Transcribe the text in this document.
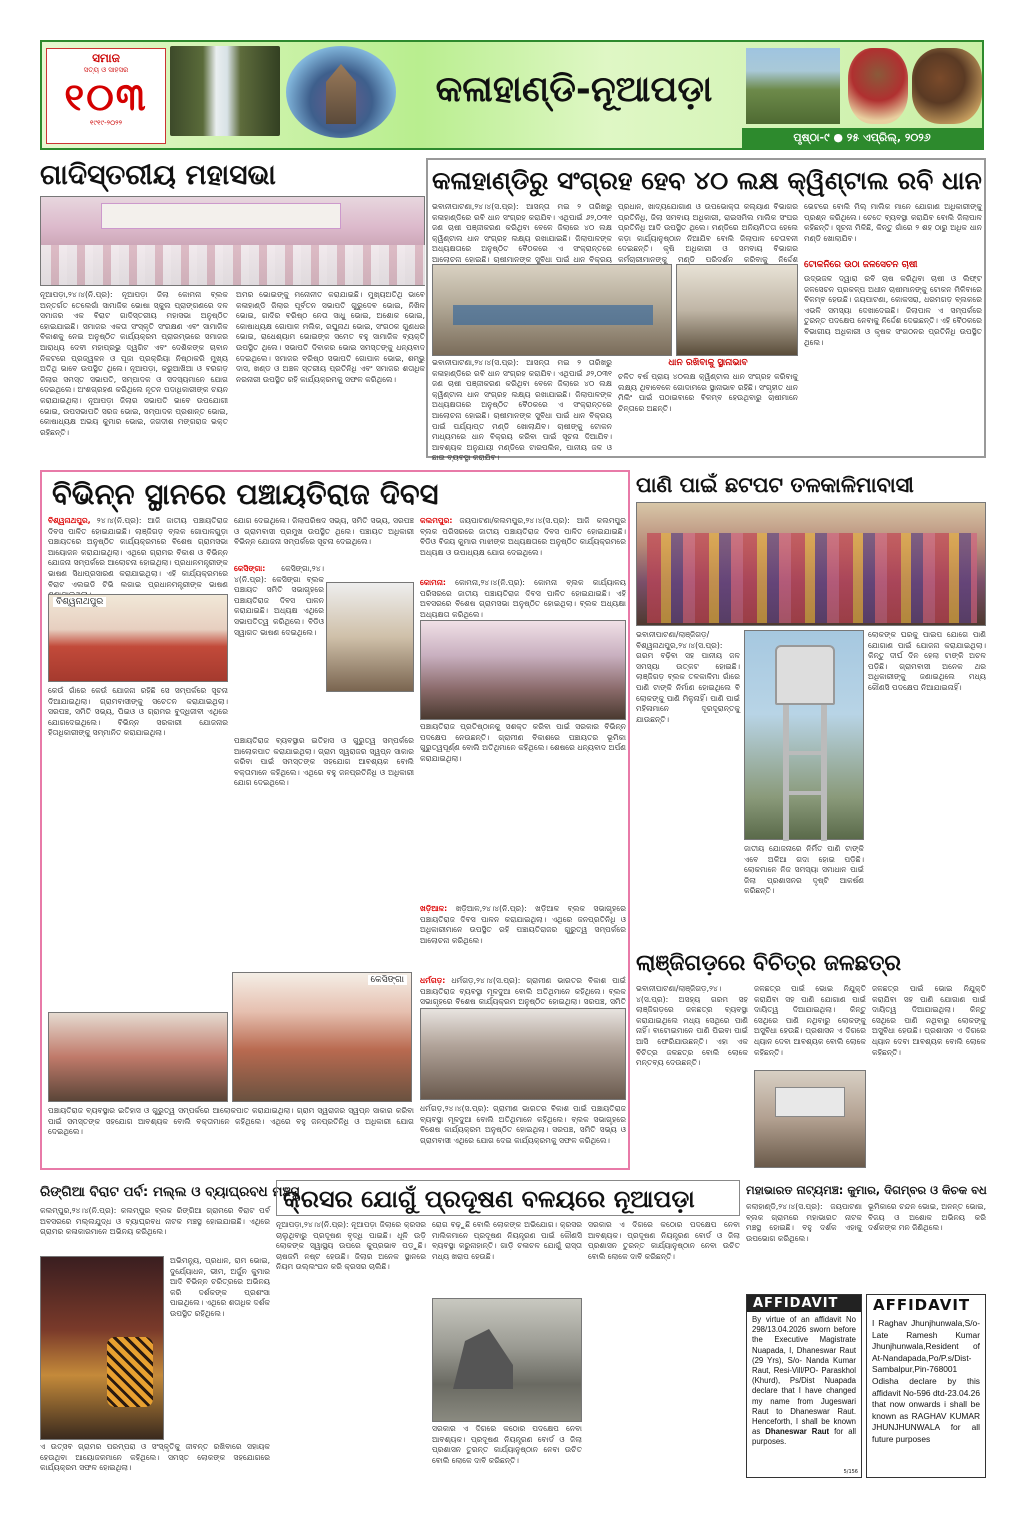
ସମାଜ
ସତ୍ୟ ଓ ସାହସର
୧୦୩
୧୯୧୯-୨୦୨୨
କଳାହାଣ୍ଡି-ନୂଆପଡ଼ା
ପୃଷ୍ଠା-୯ ● ୨୫ ଏପ୍ରିଲ୍, ୨୦୨୬
ଗାଦିସ୍ତରୀୟ ମହାସଭା
ନୂଆପଡ଼ା,୨୪।୪(ନି.ପ୍ର): ନୂଆପଡ଼ା ଜିଲା କୋମନା ବ୍ଲକ ଅନ୍ତର୍ଗତ ତେଲେଗାଁ ସାମାଜିକ ଭୋଷା ସ୍କୁଲ ପ୍ରାଙ୍ଗଣରେ ଦଳ ସମାଜର ଏକ ବିରାଟ ଗାଦିସ୍ତରୀୟ ମହାସଭା ଅନୁଷ୍ଠିତ ହୋଇଯାଇଛି। ସମାଜର ଏକତା ସଂସ୍କୃତି ସଂରକ୍ଷଣ ଏବଂ ସାମାଜିକ ବିକାଶକୁ ନେଇ ଅନୁଷ୍ଠିତ କାର୍ଯ୍ୟକ୍ରମ ପ୍ରାରମ୍ଭରେ ସମାଜର ଆରାଧ୍ୟ ଦେବୀ ମହାପ୍ରଭୁ ଦ୍ୱଗିଟ ଏବଂ ଦେଶିକଙ୍କ ଚାବାନ ନିକଟରେ ପ୍ରଜ୍ୱଳନ ଓ ପୂଜା ପ୍ରକ୍ରିୟା ନିଷ୍ଠାକରି ମୁଖ୍ୟ ଅତିଥି ଭାବେ ଉପସ୍ଥିତ ଥିଲେ। ନୂଆପଡ଼ା, କରୁଆଖିଆ ଓ ବରଗଡ଼ ଜିଲାର ସମସ୍ତ ସଭାପତି, ସମ୍ପାଦକ ଓ ସଦସ୍ୟମାନେ ଯୋଗ ଦେଇଥିଲେ। ଅଂଶଗ୍ରହଣ କରିଥିଲେ ନୂତନ ପଦାଧିକାରୀଙ୍କ ଚୟନ କରାଯାଇଥିଲା। ନୂଆପଡ଼ା ଜିଲାର ସଭାପତି ଭାବେ ଉପଯୋଗୀ ଭୋଇ, ଉପସଭାପତି ସରଜ ଭୋଇ, ସମ୍ପାଦକ ପ୍ରଶାନ୍ତ ଭୋଇ, କୋଷାଧ୍ୟକ୍ଷ ଅଭୟ କୁମାର ଭୋଇ, ଜଗଦୀଶ ମଙ୍ଗରାଜ ଭକ୍ତ ରହିଛନ୍ତି।
ଅମର ଭୋଇଙ୍କୁ ମନୋନୀତ କରାଯାଇଛି। ମୁଖ୍ୟଅତିଥି ଭାବେ କଳାହାଣ୍ଡି ଜିଲାର ପୂର୍ବତନ ସଭାପତି ଗୁରୁଦେବ ଭୋଇ, ନିଖିଳ ଭୋଇ, ଗାଦିର ବରିଷ୍ଠ ନେତା ସାଧୁ ଭୋଇ, ଅଶୋକ ଭୋଇ, କୋଷାଧ୍ୟକ୍ଷ ଗୋପାଳ ମଲିକ, ରଘୁନାଥ ଭୋଇ, ସଂଗଠକ ଗୁଣଧର ଭୋଇ, ରାଧେଶ୍ୟାମ ଭୋଇଙ୍କ ସମେତ ବହୁ ସାମାଜିକ ବ୍ୟକ୍ତି ଉପସ୍ଥିତ ଥିଲେ। ସଭାପତି ଦିବାକର ଭୋଇ ସମସ୍ତଙ୍କୁ ଧନ୍ୟବାଦ ଦେଇଥିଲେ। ସମାଜର ବରିଷ୍ଠ ସଭାପତି ଗୋପାଳ ଭୋଇ, ଶମ୍ଭୁ ଦାସ, ଖଣ୍ଡ ଓ ଅଞ୍ଚଳ ସ୍ତରୀୟ ପ୍ରତିନିଧି ଏବଂ ସମାଜର ଶତାଧିକ ନରନାରୀ ଉପସ୍ଥିତ ରହି କାର୍ଯ୍ୟକ୍ରମକୁ ସଫଳ କରିଥିଲେ।
କଳାହାଣ୍ଡିରୁ ସଂଗ୍ରହ ହେବ ୪୦ ଲକ୍ଷ କ୍ୱିଣ୍ଟାଲ ରବି ଧାନ
ଭବାନୀପାଟଣା,୨୪।୪(ସ.ପ୍ର): ଆସନ୍ତା ମଇ ୨ ତାରିଖରୁ କଳାହାଣ୍ଡିରେ ରବି ଧାନ ସଂଗ୍ରହ କରାଯିବ। ଏଥିପାଇଁ ୬୨,୦୩୧ ଜଣ ଚାଷୀ ପଞ୍ଜୀକରଣ କରିଥିବା ବେଳେ ଜିଲାରେ ୪୦ ଲକ୍ଷ କ୍ୱିଣ୍ଟାଲ ଧାନ ସଂଗ୍ରହ ଲକ୍ଷ୍ୟ ରଖାଯାଇଛି। ଜିଲାପାଳଙ୍କ ଅଧ୍ୟକ୍ଷତାରେ ଅନୁଷ୍ଠିତ ବୈଠକରେ ଏ ସଂକ୍ରାନ୍ତରେ ଆଲୋଚନା ହୋଇଛି। ଚାଷୀମାନଙ୍କ ସୁବିଧା ପାଇଁ ଧାନ ବିକ୍ରୟ
ପ୍ରଧାନ, ଖାଦ୍ୟଯୋଗାଣ ଓ ଉପଭୋକ୍ତା କଲ୍ୟାଣ ବିଭାଗର ପ୍ରତିନିଧି, ଜିଲା ସମବାୟ ଅଧିକାରୀ, ରାଇସମିଲ ମାଲିକ ସଂଘର ପ୍ରତିନିଧି ଆଦି ଉପସ୍ଥିତ ଥିଲେ। ମଣ୍ଡିରେ ଅନିୟମିତତା ହେଲେ କଡ଼ା କାର୍ଯ୍ୟାନୁଷ୍ଠାନ ନିଆଯିବ ବୋଲି ଜିଲାପାଳ ଚେତାବନୀ ଦେଇଛନ୍ତି। କୃଷି ଅଧିକାରୀ ଓ ସମବାୟ ବିଭାଗର କର୍ମଚାରୀମାନଙ୍କୁ ମଣ୍ଡି ପରିଦର୍ଶନ କରିବାକୁ ନିର୍ଦ୍ଦେଶ
ଭେଟରେ ବୋଲି ମିଲ୍ ମାଲିକ ମାନେ ଯୋଗାଣ ଅଧିକାରୀଙ୍କୁ ପ୍ରଶ୍ନ କରିଥିଲେ। ଚେତେ ବ୍ୟବସ୍ଥା କରାଯିବ ବୋଲି ଜିଲାପାଳ କହିଛନ୍ତି। ସୂଚନା ମିଳିଛି, କିନ୍ତୁ ଗାଁରେ ୨ ଶହ ଠାରୁ ଅଧିକ ଧାନ ମଣ୍ଡି ଖୋଲାଯିବ।
ଭବାନୀପାଟଣା,୨୪।୪(ସ.ପ୍ର): ଆସନ୍ତା ମଇ ୨ ତାରିଖରୁ କଳାହାଣ୍ଡିରେ ରବି ଧାନ ସଂଗ୍ରହ କରାଯିବ। ଏଥିପାଇଁ ୬୨,୦୩୧ ଜଣ ଚାଷୀ ପଞ୍ଜୀକରଣ କରିଥିବା ବେଳେ ଜିଲାରେ ୪୦ ଲକ୍ଷ କ୍ୱିଣ୍ଟାଲ ଧାନ ସଂଗ୍ରହ ଲକ୍ଷ୍ୟ ରଖାଯାଇଛି। ଜିଲାପାଳଙ୍କ ଅଧ୍ୟକ୍ଷତାରେ ଅନୁଷ୍ଠିତ ବୈଠକରେ ଏ ସଂକ୍ରାନ୍ତରେ ଆଲୋଚନା ହୋଇଛି। ଚାଷୀମାନଙ୍କ ସୁବିଧା ପାଇଁ ଧାନ ବିକ୍ରୟ ପାଇଁ ପର୍ଯ୍ୟାପ୍ତ ମଣ୍ଡି ଖୋଲାଯିବ। ଚାଷୀଙ୍କୁ ଟୋକନ ମାଧ୍ୟମରେ ଧାନ ବିକ୍ରୟ କରିବା ପାଇଁ ସୂଚନା ଦିଆଯିବ। ଆବଶ୍ୟକ ଅନୁଯାୟୀ ମଣ୍ଡିରେ ଟାରପଲିନ, ପାନୀୟ ଜଳ ଓ ଛାଇ ବ୍ୟବସ୍ଥା କରାଯିବ।
ଧାନ ରଖିବାକୁ ସ୍ଥାନାଭାବ
ଚଳିତ ବର୍ଷ ପ୍ରାୟ ୪୦ଲକ୍ଷ କ୍ୱିଣ୍ଟାଲ ଧାନ ସଂଗ୍ରହ କରିବାକୁ ଲକ୍ଷ୍ୟ ଥିବାବେଳେ ଗୋଦାମରେ ସ୍ଥାନାଭାବ ରହିଛି। ସଂଗୃହୀତ ଧାନ ମିଲିଂ ପାଇଁ ପଠାଇବାରେ ବିଳମ୍ବ ହେଉଥିବାରୁ ଚାଷୀମାନେ ଚିନ୍ତାରେ ଅଛନ୍ତି।
ଟୋକନିରେ ଉଠା ଜଳସେଚନ ଚାଷୀ
ଉଦ୍ଭଜଳ ଦ୍ୱାରା ରବି ଚାଷ କରିଥିବା ଚାଷୀ ଓ ଲିଫ୍ଟ ଜଳସେଚନ ପ୍ରକଳ୍ପ ଅଧୀନ ଚାଷୀମାନଙ୍କୁ ଟୋକନ ମିଳିବାରେ ବିଳମ୍ବ ହେଉଛି। ଜୟପାଟଣା, କୋକସରା, ଧରମଗଡ଼ ବ୍ଲକରେ ଏଭଳି ସମସ୍ୟା ଦେଖାଦେଇଛି। ଜିଲାପାଳ ଏ ସମ୍ପର୍କରେ ତୁରନ୍ତ ପଦକ୍ଷେପ ନେବାକୁ ନିର୍ଦ୍ଦେଶ ଦେଇଛନ୍ତି। ଏହି ବୈଠକରେ ବିଭାଗୀୟ ଅଧିକାରୀ ଓ କୃଷକ ସଂଗଠନର ପ୍ରତିନିଧି ଉପସ୍ଥିତ ଥିଲେ।
ବିଭିନ୍ନ ସ୍ଥାନରେ ପଞ୍ଚାୟତିରାଜ ଦିବସ
ବିଶ୍ୱନାଥପୁର, ୨୪।୪(ନି.ପ୍ର): ଆଜି ଜାତୀୟ ପଞ୍ଚାୟତିରାଜ ଦିବସ ପାଳିତ ହୋଇଯାଇଛି। ଲାଞ୍ଜିଗଡ଼ ବ୍ଲକ ଗୋପାଳଗୁଡ଼ା ପଞ୍ଚାୟତରେ ଅନୁଷ୍ଠିତ କାର୍ଯ୍ୟକ୍ରମରେ ବିଶେଷ ଗ୍ରାମସଭା ଆୟୋଜନ କରାଯାଇଥିଲା। ଏଥିରେ ଗ୍ରାମର ବିକାଶ ଓ ବିଭିନ୍ନ ଯୋଜନା ସମ୍ପର୍କରେ ଆଲୋଚନା ହୋଇଥିଲା। ପ୍ରଧାନମନ୍ତ୍ରୀଙ୍କ ଭାଷଣ ସିଧାପ୍ରସାରଣ କରାଯାଇଥିଲା। ଏହି କାର୍ଯ୍ୟକ୍ରମରେ ବିରାଟ ଏଲଇଡି ଟିଭି ଲଗାଇ ପ୍ରଧାନମନ୍ତ୍ରୀଙ୍କ ଭାଷଣ
ବିଶ୍ୱନାଥପୁର
କେଉଁ ଗାଁରେ କେଉଁ ଯୋଜନା ରହିଛି ସେ ସମ୍ପର୍କରେ ସୂଚନା ଦିଆଯାଇଥିଲା। ଗ୍ରାମବାସୀଙ୍କୁ ସଚେତନ କରାଯାଇଥିଲା। ସରପଞ୍ଚ, ସମିତି ସଭ୍ୟ, ପିଇଓ ଓ ଗ୍ରାମର ବୁଦ୍ଧିଜୀବୀ ଏଥିରେ ଯୋଗଦେଇଥିଲେ। ବିଭିନ୍ନ ସରକାରୀ ଯୋଜନାର ହିତାଧିକାରୀଙ୍କୁ ସମ୍ମାନିତ କରାଯାଇଥିଲା।
ଯୋଗ ଦେଇଥିଲେ। ଜିଲାପରିଷଦ ସଭ୍ୟ, ସମିତି ସଭ୍ୟ, ସରପଞ୍ଚ ଓ ଗ୍ରାମବାସୀ ପ୍ରମୁଖ ଉପସ୍ଥିତ ଥିଲେ। ପଞ୍ଚାୟତ ଅଧିକାରୀ ବିଭିନ୍ନ ଯୋଜନା ସମ୍ପର୍କରେ ସୂଚନା ଦେଇଥିଲେ।
କେସିଙ୍ଗା: କେସିଙ୍ଗା,୨୪।୪(ନି.ପ୍ର): କେସିଙ୍ଗା ବ୍ଲକ ପଞ୍ଚାୟତ ସମିତି ସଭାଗୃହରେ ପଞ୍ଚାୟତିରାଜ ଦିବସ ପାଳନ କରାଯାଇଛି। ଅଧ୍ୟକ୍ଷ ଏଥିରେ ସଭାପତିତ୍ୱ କରିଥିଲେ। ବିଡିଓ ସ୍ୱାଗତ ଭାଷଣ ଦେଇଥିଲେ।
ପଞ୍ଚାୟତିରାଜ ବ୍ୟବସ୍ଥାର ଇତିହାସ ଓ ଗୁରୁତ୍ୱ ସମ୍ପର୍କରେ ଆଲୋକପାତ କରାଯାଇଥିଲା। ଗ୍ରାମ ସ୍ୱରାଜର ସ୍ୱପ୍ନ ସାକାର କରିବା ପାଇଁ ସମସ୍ତଙ୍କ ସହଯୋଗ ଆବଶ୍ୟକ ବୋଲି ବକ୍ତାମାନେ କହିଥିଲେ। ଏଥିରେ ବହୁ ଜନପ୍ରତିନିଧି ଓ ଅଧିକାରୀ ଯୋଗ ଦେଇଥିଲେ।
କେସିଙ୍ଗା
ପଞ୍ଚାୟତିରାଜ ବ୍ୟବସ୍ଥାର ଇତିହାସ ଓ ଗୁରୁତ୍ୱ ସମ୍ପର୍କରେ ଆଲୋକପାତ କରାଯାଇଥିଲା। ଗ୍ରାମ ସ୍ୱରାଜର ସ୍ୱପ୍ନ ସାକାର କରିବା ପାଇଁ ସମସ୍ତଙ୍କ ସହଯୋଗ ଆବଶ୍ୟକ ବୋଲି ବକ୍ତାମାନେ କହିଥିଲେ। ଏଥିରେ ବହୁ ଜନପ୍ରତିନିଧି ଓ ଅଧିକାରୀ ଯୋଗ ଦେଇଥିଲେ।
କଲମପୁର: ଜୟପାଟଣା/କଲମପୁର,୨୪।୪(ସ.ପ୍ର): ଆଜି କଲମପୁର ବ୍ଲକ ପରିସରରେ ଜାତୀୟ ପଞ୍ଚାୟତିରାଜ ଦିବସ ପାଳିତ ହୋଇଯାଇଛି। ବିଡିଓ ବିଜୟ କୁମାର ମାଝୀଙ୍କ ଅଧ୍ୟକ୍ଷତାରେ ଅନୁଷ୍ଠିତ କାର୍ଯ୍ୟକ୍ରମରେ ଅଧ୍ୟକ୍ଷ ଓ ଉପାଧ୍ୟକ୍ଷ ଯୋଗ ଦେଇଥିଲେ।
କୋମନା: କୋମନା,୨୪।୪(ନି.ପ୍ର): କୋମନା ବ୍ଲକ କାର୍ଯ୍ୟାଳୟ ପରିସରରେ ଜାତୀୟ ପଞ୍ଚାୟତିରାଜ ଦିବସ ପାଳିତ ହୋଇଯାଇଛି। ଏହି ଅବସରରେ ବିଶେଷ ଗ୍ରାମସଭା ଅନୁଷ୍ଠିତ ହୋଇଥିଲା। ବ୍ଲକ ଅଧ୍ୟକ୍ଷା ଅଧ୍ୟକ୍ଷତା କରିଥିଲେ।
ପଞ୍ଚାୟତିରାଜ ପ୍ରତିଷ୍ଠାନକୁ ସଶକ୍ତ କରିବା ପାଇଁ ସରକାର ବିଭିନ୍ନ ପଦକ୍ଷେପ ନେଉଛନ୍ତି। ଗ୍ରାମୀଣ ବିକାଶରେ ପଞ୍ଚାୟତର ଭୂମିକା ଗୁରୁତ୍ୱପୂର୍ଣ୍ଣ ବୋଲି ଅତିଥିମାନେ କହିଥିଲେ। ଶେଷରେ ଧନ୍ୟବାଦ ଅର୍ପଣ କରାଯାଇଥିଲା।
ଖଡ଼ିଆଳ: ଖଡ଼ିଆଳ,୨୪।୪(ନି.ପ୍ର): ଖଡ଼ିଆଳ ବ୍ଲକ ସଭାଗୃହରେ ପଞ୍ଚାୟତିରାଜ ଦିବସ ପାଳନ କରାଯାଇଥିଲା। ଏଥିରେ ଜନପ୍ରତିନିଧି ଓ ଅଧିକାରୀମାନେ ଉପସ୍ଥିତ ରହି ପଞ୍ଚାୟତିରାଜର ଗୁରୁତ୍ୱ ସମ୍ପର୍କରେ ଆଲୋଚନା କରିଥିଲେ।
ଧର୍ମଗଡ଼: ଧର୍ମଗଡ଼,୨୪।୪(ସ.ପ୍ର): ଗ୍ରାମୀଣ ଭାରତର ବିକାଶ ପାଇଁ ପଞ୍ଚାୟତିରାଜ ବ୍ୟବସ୍ଥା ମୂଳଦୁଆ ବୋଲି ଅତିଥିମାନେ କହିଥିଲେ। ବ୍ଲକ ସଭାଗୃହରେ ବିଶେଷ କାର୍ଯ୍ୟକ୍ରମ ଅନୁଷ୍ଠିତ ହୋଇଥିଲା। ସରପଞ୍ଚ, ସମିତି
ଧର୍ମଗଡ଼,୨୪।୪(ସ.ପ୍ର): ଗ୍ରାମୀଣ ଭାରତର ବିକାଶ ପାଇଁ ପଞ୍ଚାୟତିରାଜ ବ୍ୟବସ୍ଥା ମୂଳଦୁଆ ବୋଲି ଅତିଥିମାନେ କହିଥିଲେ। ବ୍ଲକ ସଭାଗୃହରେ ବିଶେଷ କାର୍ଯ୍ୟକ୍ରମ ଅନୁଷ୍ଠିତ ହୋଇଥିଲା। ସରପଞ୍ଚ, ସମିତି ସଭ୍ୟ ଓ ଗ୍ରାମବାସୀ ଏଥିରେ ଯୋଗ ଦେଇ କାର୍ଯ୍ୟକ୍ରମକୁ ସଫଳ କରିଥିଲେ।
ପାଣି ପାଇଁ ଛଟପଟ ତଳକାଳିମାବାସୀ
ଭବାନୀପାଟଣା/ଲାଞ୍ଜିଗଡ଼/ ବିଶ୍ୱନାଥପୁର,୨୪।୪(ସ.ପ୍ର): ଗରମ ବଢ଼ିବା ସହ ପାନୀୟ ଜଳ ସମସ୍ୟା ଉତ୍କଟ ହୋଇଛି। ଲାଞ୍ଜିଗଡ଼ ବ୍ଲକ ତଳକାଳିମା ଗାଁରେ ପାଣି ଟାଙ୍କି ନିର୍ମାଣ ହୋଇଥିଲେ ବି ଲୋକଙ୍କୁ ପାଣି ମିଳୁନାହିଁ। ପାଣି ପାଇଁ ମହିଳାମାନେ ଦୂରଦୂରାନ୍ତକୁ ଯାଉଛନ୍ତି।
ଲୋକଙ୍କ ଘରକୁ ପାଇପ ଯୋଗେ ପାଣି ଯୋଗାଣ ପାଇଁ ଯୋଜନା କରାଯାଇଥିଲା। କିନ୍ତୁ ଦୀର୍ଘ ଦିନ ହେଲା ଟାଙ୍କି ଅଚଳ ପଡ଼ିଛି। ଗ୍ରାମବାସୀ ଅନେକ ଥର ଅଧିକାରୀଙ୍କୁ ଜଣାଇଥିଲେ ମଧ୍ୟ କୌଣସି ପଦକ୍ଷେପ ନିଆଯାଇନାହିଁ।
ଜାତୀୟ ଯୋଜନାରେ ନିର୍ମିତ ପାଣି ଟାଙ୍କି ଏବେ ଅଳିଆ ଗଦା ହୋଇ ପଡ଼ିଛି। ଲୋକମାନେ ନିଜ ସମସ୍ୟା ସମାଧାନ ପାଇଁ ଜିଲା ପ୍ରଶାସନର ଦୃଷ୍ଟି ଆକର୍ଷଣ କରିଛନ୍ତି।
ଲାଞ୍ଜିଗଡ଼ରେ ବିଚିତ୍ର ଜଳଛତ୍ର
ଭବାନୀପାଟଣା/ଲାଞ୍ଜିଗଡ଼,୨୪।୪(ସ.ପ୍ର): ଅସହ୍ୟ ଗରମ ସହ ଲାଞ୍ଜିଗଡ଼ରେ ଜଳଛତ୍ର ବ୍ୟବସ୍ଥା କରାଯାଇଥିଲେ ମଧ୍ୟ ସେଥିରେ ପାଣି ନାହିଁ। ବାଟୋଇମାନେ ପାଣି ପିଇବା ପାଇଁ ଆସି ଫେରିଯାଉଛନ୍ତି। ଏହା ଏକ ବିଚିତ୍ର ଜଳଛତ୍ର ବୋଲି ଲୋକେ ମନ୍ତବ୍ୟ ଦେଉଛନ୍ତି।
ଜଳଛତ୍ର ପାଇଁ ଭୋଇ ନିଯୁକ୍ତି କରାଯିବା ସହ ପାଣି ଯୋଗାଣ ପାଇଁ ଦାୟିତ୍ୱ ଦିଆଯାଇଥିଲା। କିନ୍ତୁ ସେଥିରେ ପାଣି ନଥିବାରୁ ଲୋକଙ୍କୁ ଅସୁବିଧା ହେଉଛି। ପ୍ରଶାସନ ଏ ଦିଗରେ ଧ୍ୟାନ ଦେବା ଆବଶ୍ୟକ ବୋଲି ଲୋକେ କହିଛନ୍ତି।
ଜଳଛତ୍ର ପାଇଁ ଭୋଇ ନିଯୁକ୍ତି କରାଯିବା ସହ ପାଣି ଯୋଗାଣ ପାଇଁ ଦାୟିତ୍ୱ ଦିଆଯାଇଥିଲା। କିନ୍ତୁ ସେଥିରେ ପାଣି ନଥିବାରୁ ଲୋକଙ୍କୁ ଅସୁବିଧା ହେଉଛି। ପ୍ରଶାସନ ଏ ଦିଗରେ ଧ୍ୟାନ ଦେବା ଆବଶ୍ୟକ ବୋଲି ଲୋକେ କହିଛନ୍ତି।
ରିଙ୍ଗିଆ ବିରାଟ ପର୍ବ: ମଲ୍ଲ ଓ ବ୍ୟାଘ୍ରବଧ ମଞ୍ଚସ୍ଥ
କଲମ୍ପୁର,୨୪।୪(ନି.ପ୍ର): କଲମ୍ପୁର ବ୍ଲକ ରିଙ୍ଗିଆ ଗ୍ରାମରେ ବିରାଟ ପର୍ବ ଅବସରରେ ମଲ୍ଲଯୁଦ୍ଧ ଓ ବ୍ୟାଘ୍ରବଧ ନାଟକ ମଞ୍ଚସ୍ଥ ହୋଇଯାଇଛି। ଏଥିରେ ଗ୍ରାମର କଳାକାରମାନେ ଅଭିନୟ କରିଥିଲେ।
ଅଭିମନ୍ୟୁ, ପ୍ରଧାନ, ରାମ ଭୋଇ, ଦୁର୍ଯ୍ୟୋଧନ, ଭୀମ, ଅର୍ଜୁନ କୁମାର ଆଦି ବିଭିନ୍ନ ଚରିତ୍ରରେ ଅଭିନୟ କରି ଦର୍ଶକଙ୍କ ପ୍ରଶଂସା ପାଇଥିଲେ। ଏଥିରେ ଶତାଧିକ ଦର୍ଶକ ଉପସ୍ଥିତ ରହିଥିଲେ।
ଏ ଉତ୍ସବ ଗ୍ରାମର ପରମ୍ପରା ଓ ସଂସ୍କୃତିକୁ ଜୀବନ୍ତ ରଖିବାରେ ସହାୟକ ହେଉଥିବା ଆୟୋଜକମାନେ କହିଥିଲେ। ସମସ୍ତ ଲୋକଙ୍କ ସହଯୋଗରେ କାର୍ଯ୍ୟକ୍ରମ ସଫଳ ହୋଇଥିଲା।
କ୍ରସର ଯୋଗୁଁ ପ୍ରଦୂଷଣ ବଳୟରେ ନୂଆପଡ଼ା
ନୂଆପଡ଼ା,୨୪।୪(ନି.ପ୍ର): ନୂଆପଡ଼ା ଜିଲାରେ କ୍ରସର ଚାଲୁଥିବାରୁ ପ୍ରଦୂଷଣ ବୃଦ୍ଧି ପାଇଛି। ଧୂଳି ଉଡ଼ି ଲୋକଙ୍କ ସ୍ୱାସ୍ଥ୍ୟ ଉପରେ କୁପ୍ରଭାବ ପଡ଼ୁଛି। ଚାଷଜମି ନଷ୍ଟ ହେଉଛି। ଜିଲାର ଅନେକ ସ୍ଥାନରେ ନିୟମ ଉଲ୍ଲଂଘନ କରି କ୍ରସର ଚାଲିଛି।
ରୋଗ ବଢ଼ୁଛି ବୋଲି ଲୋକଙ୍କ ଅଭିଯୋଗ। କ୍ରସର ମାଲିକମାନେ ପ୍ରଦୂଷଣ ନିୟନ୍ତ୍ରଣ ପାଇଁ କୌଣସି ବ୍ୟବସ୍ଥା କରୁନାହାନ୍ତି। ଗାଡ଼ି ଚଳାଚଳ ଯୋଗୁଁ ରାସ୍ତା ମଧ୍ୟ ଖରାପ ହେଉଛି।
ସରକାର ଏ ଦିଗରେ କଠୋର ପଦକ୍ଷେପ ନେବା ଆବଶ୍ୟକ। ପ୍ରଦୂଷଣ ନିୟନ୍ତ୍ରଣ ବୋର୍ଡ ଓ ଜିଲା ପ୍ରଶାସନ ତୁରନ୍ତ କାର୍ଯ୍ୟାନୁଷ୍ଠାନ ନେବା ଉଚିତ ବୋଲି ଲୋକେ ଦାବି କରିଛନ୍ତି।
ସରକାର ଏ ଦିଗରେ କଠୋର ପଦକ୍ଷେପ ନେବା ଆବଶ୍ୟକ। ପ୍ରଦୂଷଣ ନିୟନ୍ତ୍ରଣ ବୋର୍ଡ ଓ ଜିଲା ପ୍ରଶାସନ ତୁରନ୍ତ କାର୍ଯ୍ୟାନୁଷ୍ଠାନ ନେବା ଉଚିତ ବୋଲି ଲୋକେ ଦାବି କରିଛନ୍ତି।
ମହାଭାରତ ନାଟ୍ୟମଞ୍ଚ: କୁମାର, ଦିଗମ୍ବର ଓ କିଚକ ବଧ
କଲାହାଣ୍ଡି,୨୪।୪(ସ.ପ୍ର): ଜୟପାଟଣା ବ୍ଲକ ଗ୍ରାମରେ ମହାଭାରତ ନାଟକ ମଞ୍ଚସ୍ଥ ହୋଇଛି। ବହୁ ଦର୍ଶକ ଏହାକୁ ଉପଭୋଗ କରିଥିଲେ।
ଭୂମିକାରେ ଚନ୍ଦନ ଭୋଇ, ଅନନ୍ତ ଭୋଇ, ବିଜୟ ଓ ଅଶୋକ ଅଭିନୟ କରି ଦର୍ଶକଙ୍କ ମନ ଜିଣିଥିଲେ।
AFFIDAVIT
By virtue of an affidavit No 298/13.04.2026 sworn before the Executive Magistrate Nuapada, I, Dhaneswar Raut (29 Yrs), S/o- Nanda Kumar Raut, Resi-Vill/PO- Paraskhol (Khurd), Ps/Dist Nuapada declare that I have changed my name from Jugeswari Raut to Dhaneswar Raut. Henceforth, I shall be known as Dhaneswar Raut for all purposes.
5/156
AFFIDAVIT
I Raghav Jhunjhunwala,S/o-Late Ramesh Kumar Jhunjhunwala,Resident of At-Nandapada,Po/P.s/Dist-Sambalpur,Pin-768001 Odisha declare by this affidavit No-596 dtd-23.04.26 that now onwards i shall be known as RAGHAV KUMAR JHUNJHUNWALA for all future purposes
